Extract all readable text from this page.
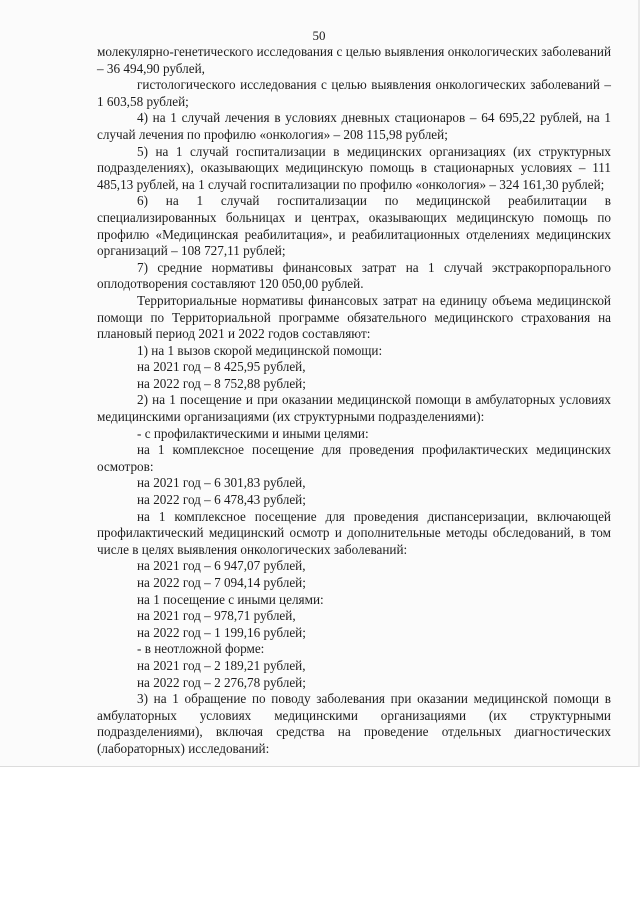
50

молекулярно-генетического исследования с целью выявления онкологических заболеваний – 36 494,90 рублей,

гистологического исследования с целью выявления онкологических заболеваний – 1 603,58 рублей;

4) на 1 случай лечения в условиях дневных стационаров – 64 695,22 рублей, на 1 случай лечения по профилю «онкология» – 208 115,98 рублей;

5) на 1 случай госпитализации в медицинских организациях (их структурных подразделениях), оказывающих медицинскую помощь в стационарных условиях – 111 485,13 рублей, на 1 случай госпитализации по профилю «онкология» – 324 161,30 рублей;

6) на 1 случай госпитализации по медицинской реабилитации в специализированных больницах и центрах, оказывающих медицинскую помощь по профилю «Медицинская реабилитация», и реабилитационных отделениях медицинских организаций – 108 727,11 рублей;

7) средние нормативы финансовых затрат на 1 случай экстракорпорального оплодотворения составляют 120 050,00 рублей.

Территориальные нормативы финансовых затрат на единицу объема медицинской помощи по Территориальной программе обязательного медицинского страхования на плановый период 2021 и 2022 годов составляют:

1) на 1 вызов скорой медицинской помощи:

на 2021 год – 8 425,95 рублей,

на 2022 год – 8 752,88 рублей;

2) на 1 посещение и при оказании медицинской помощи в амбулаторных условиях медицинскими организациями (их структурными подразделениями):

- с профилактическими и иными целями:

на 1 комплексное посещение для проведения профилактических медицинских осмотров:

на 2021 год – 6 301,83 рублей,

на 2022 год – 6 478,43 рублей;

на 1 комплексное посещение для проведения диспансеризации, включающей профилактический медицинский осмотр и дополнительные методы обследований, в том числе в целях выявления онкологических заболеваний:

на 2021 год – 6 947,07 рублей,

на 2022 год – 7 094,14 рублей;

на 1 посещение с иными целями:

на 2021 год – 978,71 рублей,

на 2022 год – 1 199,16 рублей;

- в неотложной форме:

на 2021 год – 2 189,21 рублей,

на 2022 год – 2 276,78 рублей;

3) на 1 обращение по поводу заболевания при оказании медицинской помощи в амбулаторных условиях медицинскими организациями (их структурными подразделениями), включая средства на проведение отдельных диагностических (лабораторных) исследований:
